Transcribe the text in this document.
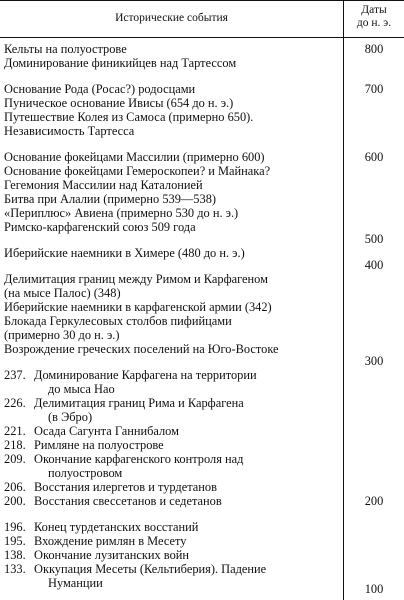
Исторические события
Даты
до н. э.
Кельты на полуострове
Доминирование финикийцев над Тартессом
800
Основание Рода (Росас?) родосцами
Пуническое основание Ивисы (654 до н. э.)
Путешествие Колея из Самоса (примерно 650).
Независимость Тартесса
700
Основание фокейцами Массилии (примерно 600)
Основание фокейцами Гемероскопеи? и Майнака?
Гегемония Массилии над Каталонией
Битва при Алалии (примерно 539—538)
«Периплюс» Авиена (примерно 530 до н. э.)
Римско-карфагенский союз 509 года
600
500
Иберийские наемники в Химере (480 до н. э.)
400
Делимитация границ между Римом и Карфагеном
(на мысе Палос) (348)
Иберийские наемники в карфагенской армии (342)
Блокада Геркулесовых столбов пифийцами
(примерно 30 до н. э.)
Возрождение греческих поселений на Юго-Востоке
300
237. Доминирование Карфагена на территории
до мыса Нао
226. Делимитация границ Рима и Карфагена
(в Эбро)
221. Осада Сагунта Ганнибалом
218. Римляне на полуострове
209. Окончание карфагенского контроля над
полуостровом
206. Восстания илергетов и турдетанов
200. Восстания свессетанов и седетанов	200
196. Конец турдетанских восстаний
195. Вхождение римлян в Месету
138. Окончание лузитанских войн
133. Оккупация Месеты (Кельтиберия). Падение
Нуманции	100
